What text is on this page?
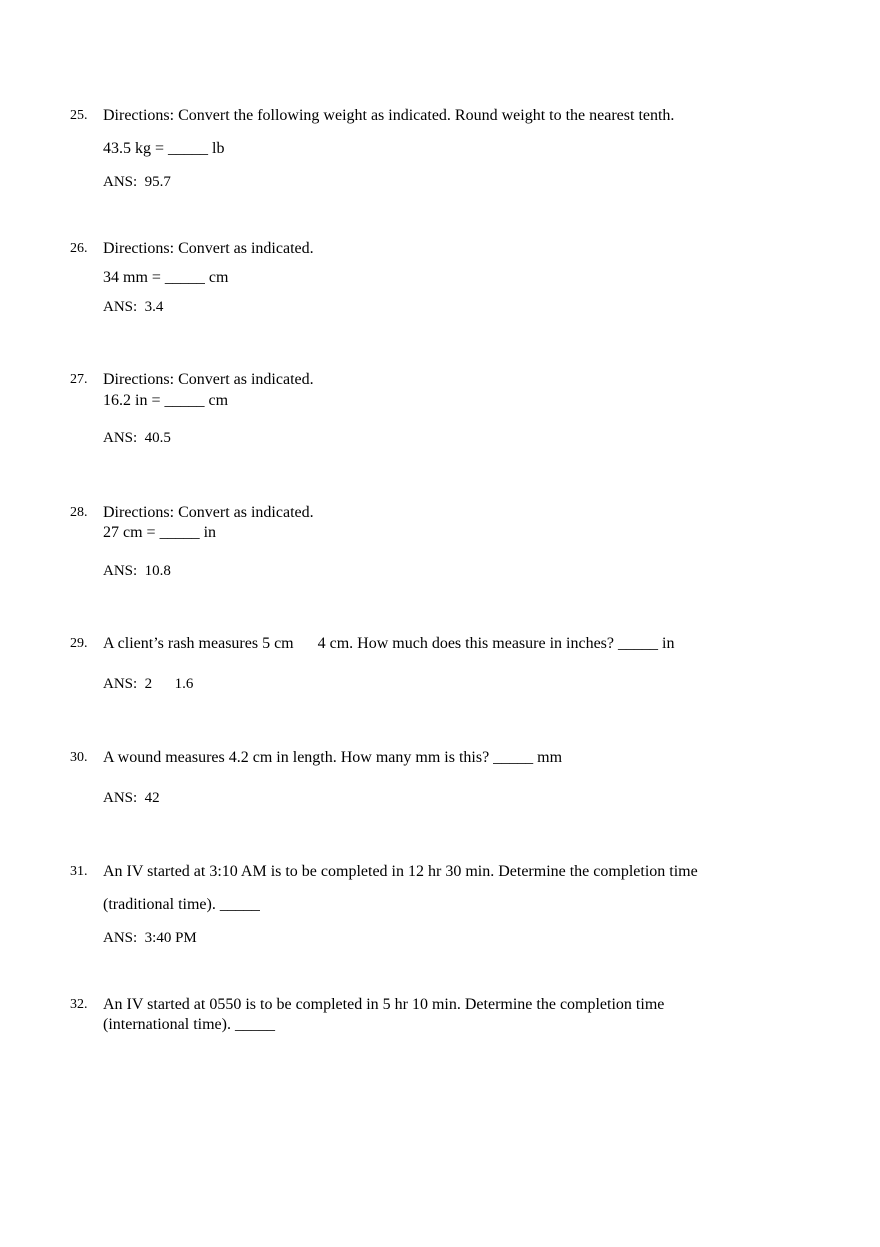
25. Directions: Convert the following weight as indicated. Round weight to the nearest tenth.
43.5 kg = _____ lb
ANS:  95.7
26. Directions: Convert as indicated.
34 mm = _____ cm
ANS:  3.4
27. Directions: Convert as indicated.
16.2 in = _____ cm
ANS:  40.5
28. Directions: Convert as indicated.
27 cm = _____ in
ANS:  10.8
29. A client’s rash measures 5 cm      4 cm. How much does this measure in inches? _____ in
ANS:  2      1.6
30. A wound measures 4.2 cm in length. How many mm is this? _____ mm
ANS:  42
31. An IV started at 3:10 AM is to be completed in 12 hr 30 min. Determine the completion time
(traditional time). _____
ANS:  3:40 PM
32. An IV started at 0550 is to be completed in 5 hr 10 min. Determine the completion time
(international time). _____
